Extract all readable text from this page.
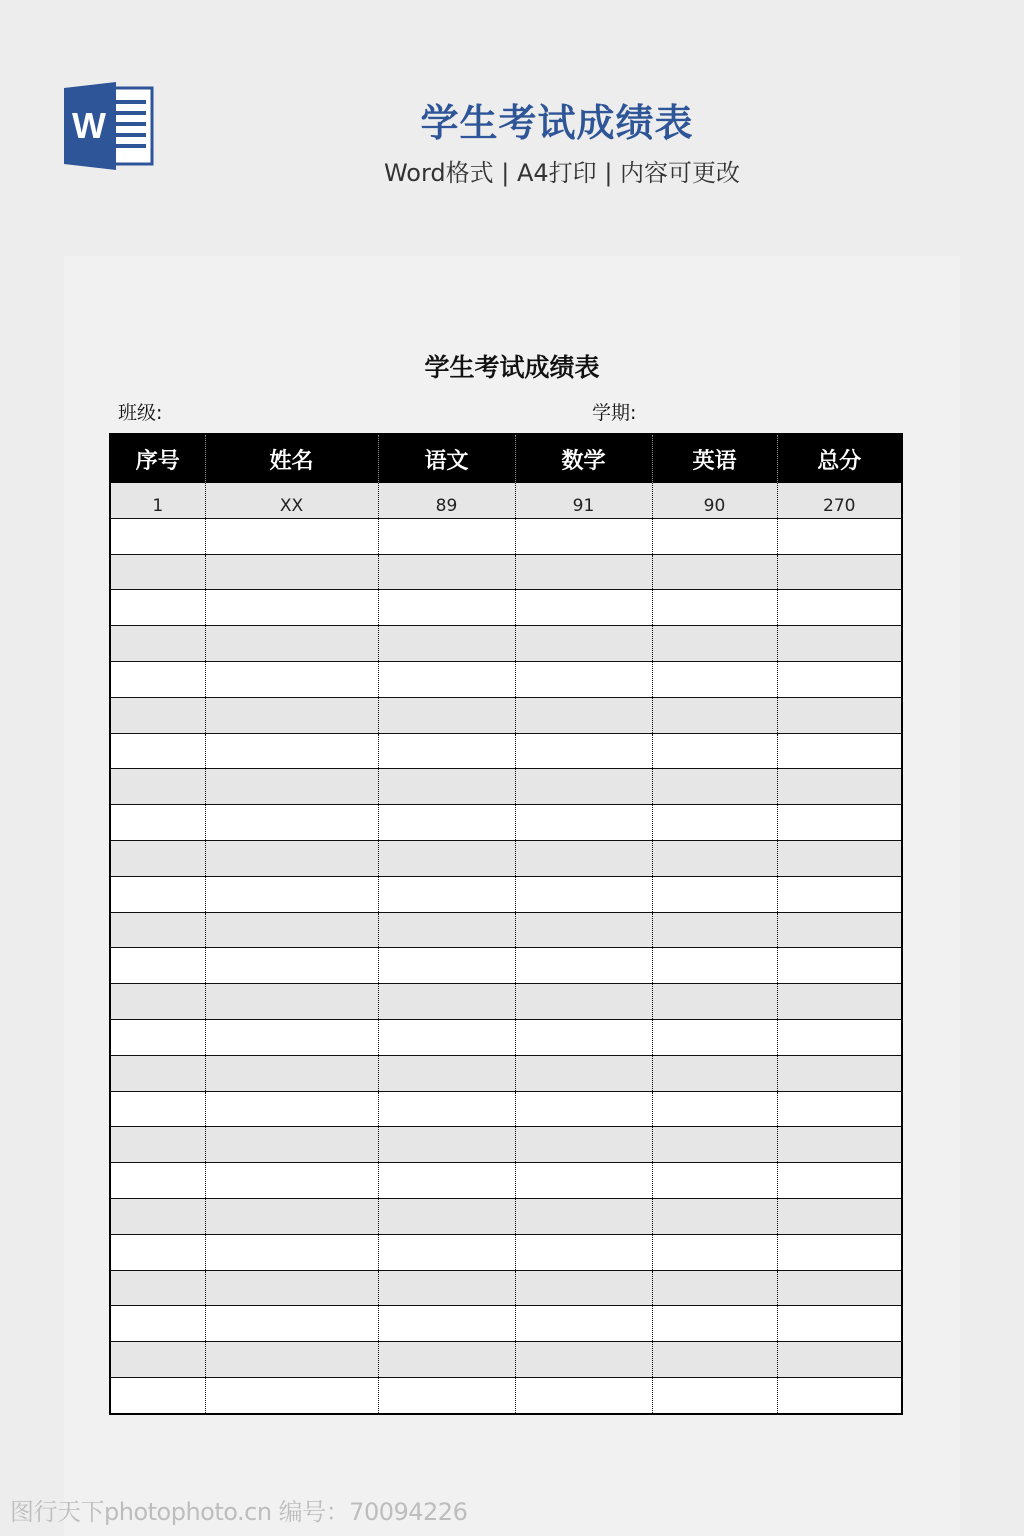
W	学生考试成绩表
Word格式 | A4打印 | 内容可更改
学生考试成绩表
班级:	学期:
序号	姓名	语文	数学	英语	总分
1	XX	89	91	90	270

图行天下photophoto.cn 编号：70094226
